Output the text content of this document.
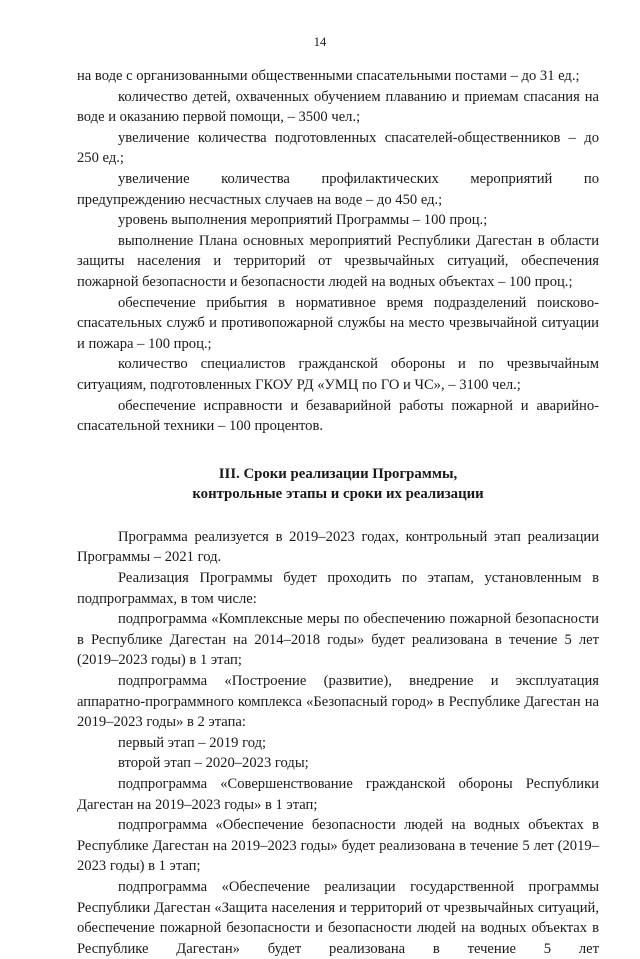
14

на воде с организованными общественными спасательными постами – до 31 ед.;

количество детей, охваченных обучением плаванию и приемам спасания на воде и оказанию первой помощи, – 3500 чел.;

увеличение количества подготовленных спасателей-общественников – до 250 ед.;

увеличение количества профилактических мероприятий по предупреждению несчастных случаев на воде – до 450 ед.;

уровень выполнения мероприятий Программы – 100 проц.;

выполнение Плана основных мероприятий Республики Дагестан в области защиты населения и территорий от чрезвычайных ситуаций, обеспечения пожарной безопасности и безопасности людей на водных объектах – 100 проц.;

обеспечение прибытия в нормативное время подразделений поисково-спасательных служб и противопожарной службы на место чрезвычайной ситуации и пожара – 100 проц.;

количество специалистов гражданской обороны и по чрезвычайным ситуациям, подготовленных ГКОУ РД «УМЦ по ГО и ЧС», – 3100 чел.;

обеспечение исправности и безаварийной работы пожарной и аварийно-спасательной техники – 100 процентов.

III. Сроки реализации Программы,
контрольные этапы и сроки их реализации

Программа реализуется в 2019–2023 годах, контрольный этап реализации Программы – 2021 год.

Реализация Программы будет проходить по этапам, установленным в подпрограммах, в том числе:

подпрограмма «Комплексные меры по обеспечению пожарной безопасности в Республике Дагестан на 2014–2018 годы» будет реализована в течение 5 лет (2019–2023 годы) в 1 этап;

подпрограмма «Построение (развитие), внедрение и эксплуатация аппаратно-программного комплекса «Безопасный город» в Республике Дагестан на 2019–2023 годы» в 2 этапа:

первый этап – 2019 год;

второй этап – 2020–2023 годы;

подпрограмма «Совершенствование гражданской обороны Республики Дагестан на 2019–2023 годы» в 1 этап;

подпрограмма «Обеспечение безопасности людей на водных объектах в Республике Дагестан на 2019–2023 годы» будет реализована в течение 5 лет (2019–2023 годы) в 1 этап;

подпрограмма «Обеспечение реализации государственной программы Республики Дагестан «Защита населения и территорий от чрезвычайных ситуаций, обеспечение пожарной безопасности и безопасности людей на водных объектах в Республике Дагестан» будет реализована в течение 5 лет
